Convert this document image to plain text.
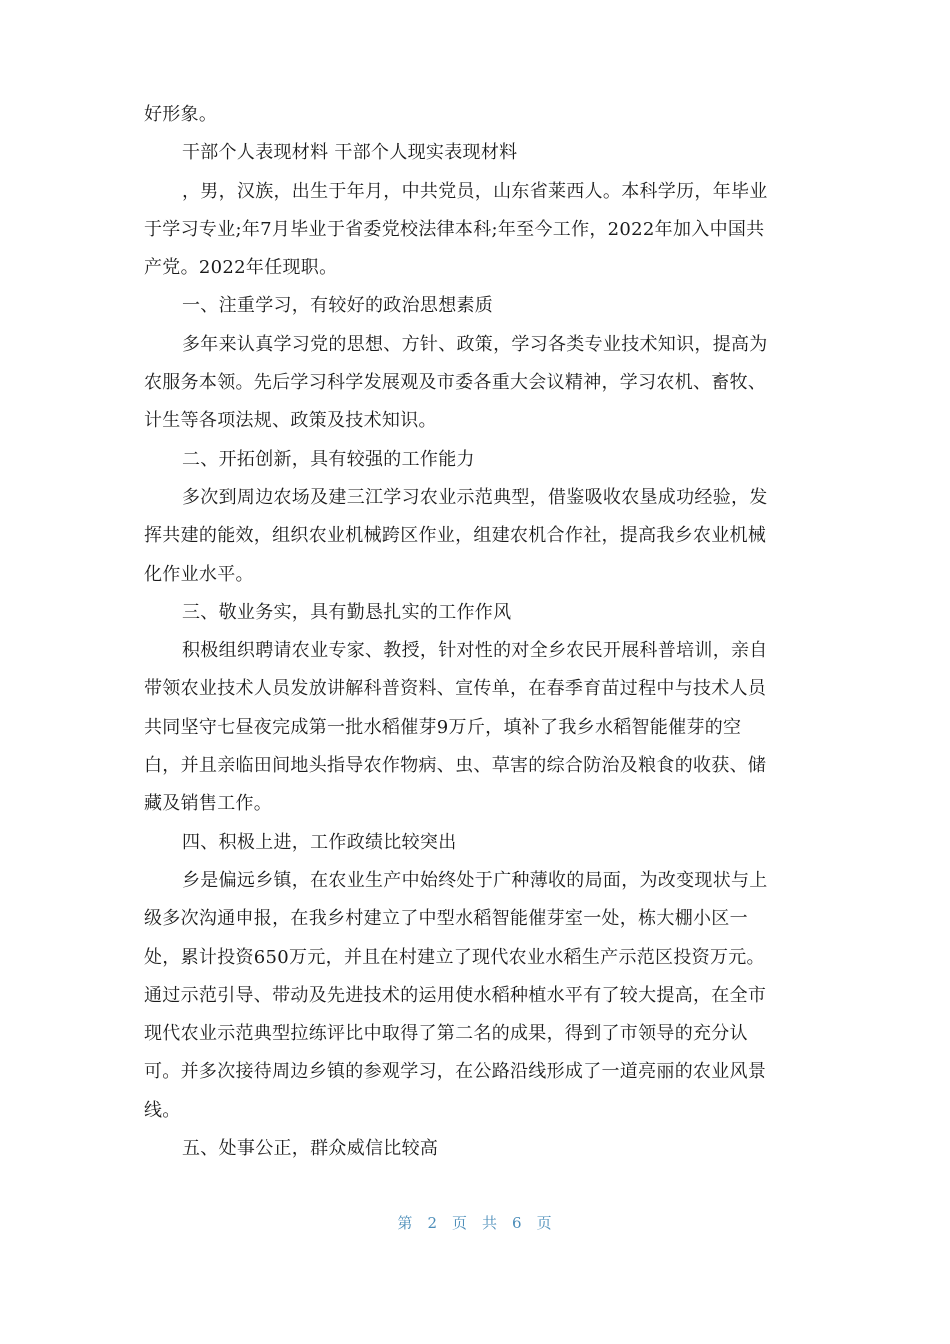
好形象。
干部个人表现材料 干部个人现实表现材料
，男，汉族，出生于年月，中共党员，山东省莱西人。本科学历，年毕业
于学习专业;年7月毕业于省委党校法律本科;年至今工作，2022年加入中国共
产党。2022年任现职。
一、注重学习，有较好的政治思想素质
多年来认真学习党的思想、方针、政策，学习各类专业技术知识，提高为
农服务本领。先后学习科学发展观及市委各重大会议精神，学习农机、畜牧、
计生等各项法规、政策及技术知识。
二、开拓创新，具有较强的工作能力
多次到周边农场及建三江学习农业示范典型，借鉴吸收农垦成功经验，发
挥共建的能效，组织农业机械跨区作业，组建农机合作社，提高我乡农业机械
化作业水平。
三、敬业务实，具有勤恳扎实的工作作风
积极组织聘请农业专家、教授，针对性的对全乡农民开展科普培训，亲自
带领农业技术人员发放讲解科普资料、宣传单，在春季育苗过程中与技术人员
共同坚守七昼夜完成第一批水稻催芽9万斤，填补了我乡水稻智能催芽的空
白，并且亲临田间地头指导农作物病、虫、草害的综合防治及粮食的收获、储
藏及销售工作。
四、积极上进，工作政绩比较突出
乡是偏远乡镇，在农业生产中始终处于广种薄收的局面，为改变现状与上
级多次沟通申报，在我乡村建立了中型水稻智能催芽室一处，栋大棚小区一
处，累计投资650万元，并且在村建立了现代农业水稻生产示范区投资万元。
通过示范引导、带动及先进技术的运用使水稻种植水平有了较大提高，在全市
现代农业示范典型拉练评比中取得了第二名的成果，得到了市领导的充分认
可。并多次接待周边乡镇的参观学习，在公路沿线形成了一道亮丽的农业风景
线。
五、处事公正，群众威信比较高
第 2 页 共 6 页
